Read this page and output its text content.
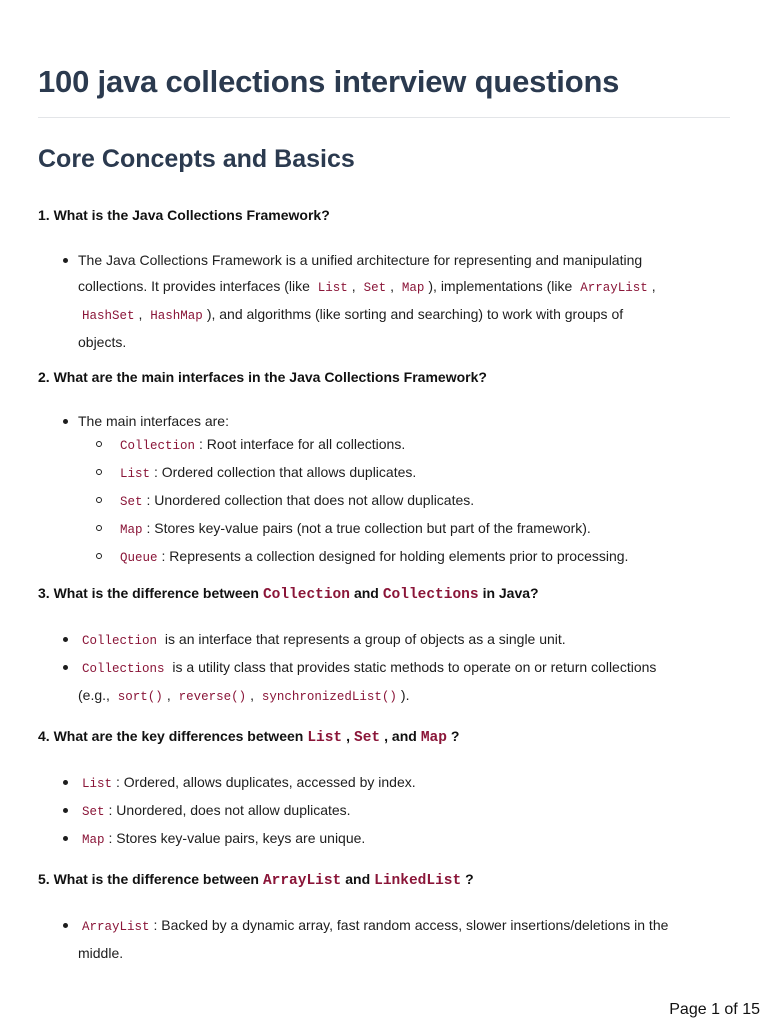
100 java collections interview questions
Core Concepts and Basics

1. What is the Java Collections Framework?

The Java Collections Framework is a unified architecture for representing and manipulating
collections. It provides interfaces (like List , Set , Map ), implementations (like ArrayList ,
HashSet , HashMap ), and algorithms (like sorting and searching) to work with groups of
objects.

2. What are the main interfaces in the Java Collections Framework?

The main interfaces are:
Collection : Root interface for all collections.
List : Ordered collection that allows duplicates.
Set : Unordered collection that does not allow duplicates.
Map : Stores key-value pairs (not a true collection but part of the framework).
Queue : Represents a collection designed for holding elements prior to processing.

3. What is the difference between Collection and Collections in Java?

Collection is an interface that represents a group of objects as a single unit.
Collections is a utility class that provides static methods to operate on or return collections
(e.g., sort() , reverse() , synchronizedList() ).

4. What are the key differences between List , Set , and Map ?

List : Ordered, allows duplicates, accessed by index.
Set : Unordered, does not allow duplicates.
Map : Stores key-value pairs, keys are unique.

5. What is the difference between ArrayList and LinkedList ?

ArrayList : Backed by a dynamic array, fast random access, slower insertions/deletions in the
middle.
Page 1 of 15
